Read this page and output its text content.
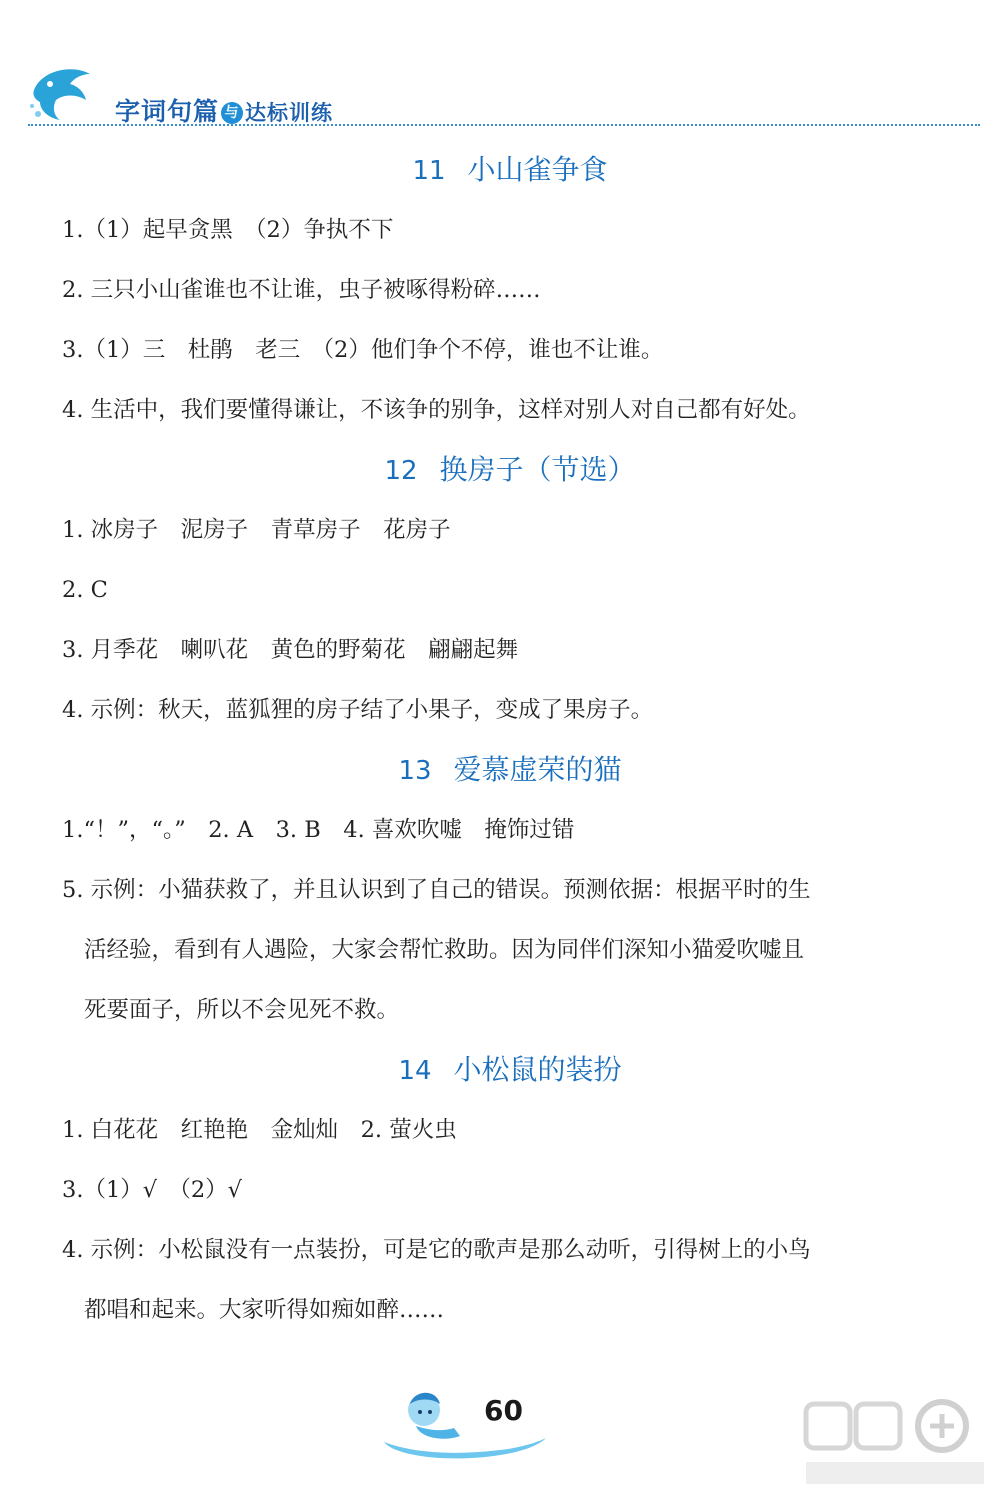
字词句篇 与 达标训练
11 小山雀争食
1.（1）起早贪黑　（2）争执不下
2. 三只小山雀谁也不让谁，虫子被啄得粉碎……
3.（1）三　杜鹃　老三　（2）他们争个不停，谁也不让谁。
4. 生活中，我们要懂得谦让，不该争的别争，这样对别人对自己都有好处。
12 换房子（节选）
1. 冰房子　泥房子　青草房子　花房子
2. C
3. 月季花　喇叭花　黄色的野菊花　翩翩起舞
4. 示例：秋天，蓝狐狸的房子结了小果子，变成了果房子。
13 爱慕虚荣的猫
1.“！”，“。”　2. A　3. B　4. 喜欢吹嘘　掩饰过错
5. 示例：小猫获救了，并且认识到了自己的错误。预测依据：根据平时的生
活经验，看到有人遇险，大家会帮忙救助。因为同伴们深知小猫爱吹嘘且
死要面子，所以不会见死不救。
14 小松鼠的装扮
1. 白花花　红艳艳　金灿灿　2. 萤火虫
3.（1）√　（2）√
4. 示例：小松鼠没有一点装扮，可是它的歌声是那么动听，引得树上的小鸟
都唱和起来。大家听得如痴如醉……
60
